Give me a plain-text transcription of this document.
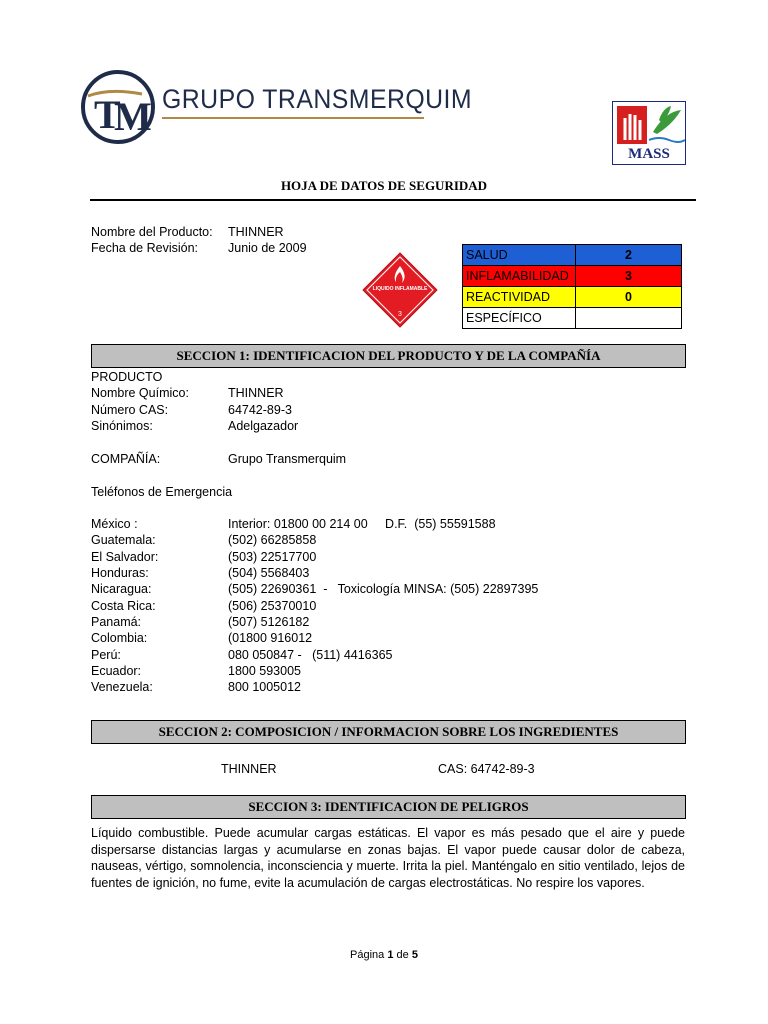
T
M GRUPO TRANSMERQUIM
MASS
HOJA DE DATOS DE SEGURIDAD
Nombre del Producto: THINNER
Fecha de Revisión: Junio de 2009
LIQUIDO INFLAMABLE
3
SALUD	2
INFLAMABILIDAD	3
REACTIVIDAD	0
ESPECÍFICO	
SECCION 1: IDENTIFICACION DEL PRODUCTO Y DE LA COMPAÑÍA
PRODUCTO
Nombre Químico:	THINNER
Número CAS:	64742-89-3
Sinónimos:	Adelgazador
COMPAÑÍA:	Grupo Transmerquim
Teléfonos de Emergencia
México :	Interior: 01800 00 214 00     D.F.  (55) 55591588
Guatemala:	(502) 66285858
El Salvador:	(503) 22517700
Honduras:	(504) 5568403
Nicaragua:	(505) 22690361  -   Toxicología MINSA: (505) 22897395
Costa Rica:	(506) 25370010
Panamá:	(507) 5126182
Colombia:	(01800 916012
Perú:	080 050847 -   (511) 4416365
Ecuador:	1800 593005
Venezuela:	800 1005012
SECCION 2: COMPOSICION / INFORMACION SOBRE LOS INGREDIENTES
THINNER	CAS: 64742-89-3
SECCION 3: IDENTIFICACION DE PELIGROS
Líquido combustible. Puede acumular cargas estáticas. El vapor es más pesado que el aire y puede dispersarse distancias largas y acumularse en zonas bajas. El vapor puede causar dolor de cabeza, nauseas, vértigo, somnolencia, inconsciencia y muerte. Irrita la piel. Manténgalo en sitio ventilado, lejos de fuentes de ignición, no fume, evite la acumulación de cargas electrostáticas. No respire los vapores.
Página 1 de 5
